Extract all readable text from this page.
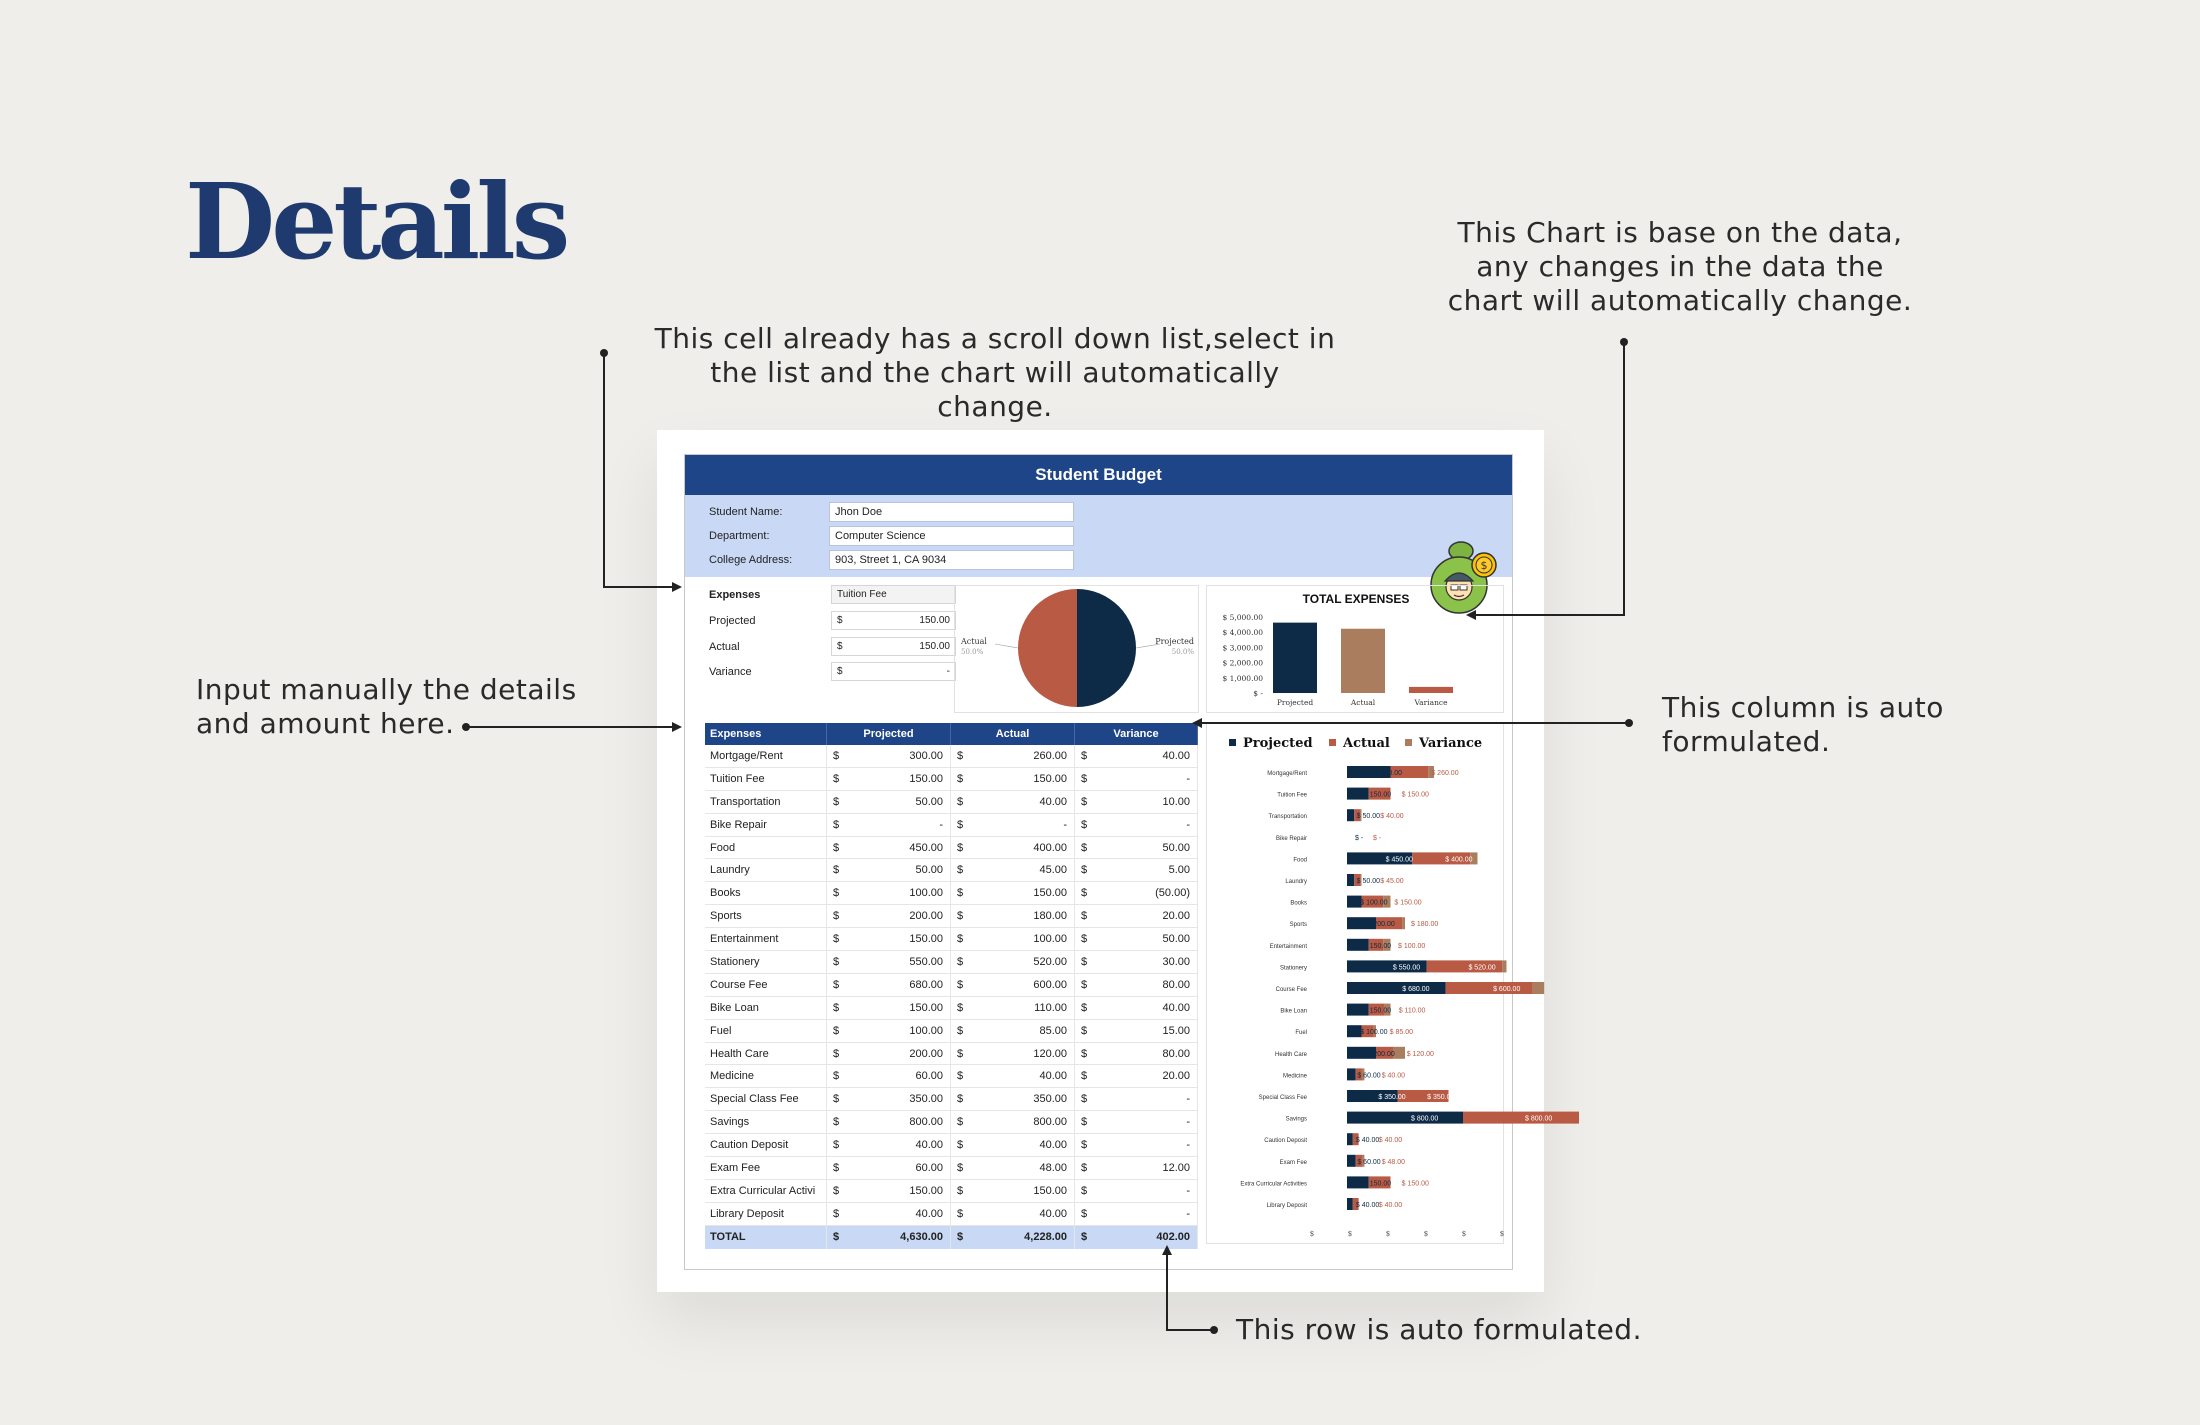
Details
This cell already has a scroll down list,select in the list and the chart will automatically change.
This Chart is base on the data, any changes in the data the chart will automatically change.
Input manually the details and amount here.	This column is auto formulated.
This row is auto formulated.
Student Budget
Student Name:	Jhon Doe
Department:	Computer Science
College Address:	903, Street 1, CA 9034	$
Expenses	Tuition Fee
Projected	$	150.00
Actual	$	150.00
Variance	$	-
Actual
50.0%
Projected
50.0%
TOTAL EXPENSES
$ 5,000.00
$ 4,000.00
$ 3,000.00
$ 2,000.00
$ 1,000.00
$ -
Projected	Actual	Variance
Expenses	Projected	Actual	Variance
Mortgage/Rent	$	300.00 $	260.00 $	40.00
Tuition Fee	$	150.00 $	150.00 $	-
Transportation	$	50.00 $	40.00 $	10.00
Bike Repair	$	- $	- $	-
Food	$	450.00 $	400.00 $	50.00
Laundry	$	50.00 $	45.00 $	5.00
Books	$	100.00 $	150.00 $	(50.00)
Sports	$	200.00 $	180.00 $	20.00
Entertainment	$	150.00 $	100.00 $	50.00
Stationery	$	550.00 $	520.00 $	30.00
Course Fee	$	680.00 $	600.00 $	80.00
Bike Loan	$	150.00 $	110.00 $	40.00
Fuel	$	100.00 $	85.00 $	15.00
Health Care	$	200.00 $	120.00 $	80.00
Medicine	$	60.00 $	40.00 $	20.00
Special Class Fee	$	350.00 $	350.00 $	-
Savings	$	800.00 $	800.00 $	-
Caution Deposit	$	40.00 $	40.00 $	-
Exam Fee	$	60.00 $	48.00 $	12.00
Extra Curricular Activi	$	150.00 $	150.00 $	-
Library Deposit	$	40.00 $	40.00 $	-
TOTAL	$	4,630.00 $	4,228.00 $	402.00
Projected Actual Variance
Mortgage/Rent	$ 300.00	$ 260.00
Tuition Fee	$ 150.00 $ 150.00
Transportation	$ 50.00 $ 40.00
Bike Repair	$ - $ -
Food	$ 450.00	$ 400.00
Laundry	$ 50.00 $ 45.00
Books	$ 100.00 $ 150.00
Sports	$ 200.00 $ 180.00
Entertainment	$ 150.00 $ 100.00
Stationery	$ 550.00	$ 520.00
Course Fee	$ 680.00	$ 600.00
Bike Loan	$ 150.00 $ 110.00
Fuel	$ 100.00 $ 85.00
Health Care	$ 200.00 $ 120.00
Medicine	$ 60.00 $ 40.00
Special Class Fee	$ 350.00	$ 350.00
Savings	$ 800.00	$ 800.00
Caution Deposit	$ 40.00 $ 40.00
Exam Fee	$ 60.00 $ 48.00
Extra Curricular Activities	$ 150.00 $ 150.00
Library Deposit	$ 40.00 $ 40.00
$	$	$	$	$	$
